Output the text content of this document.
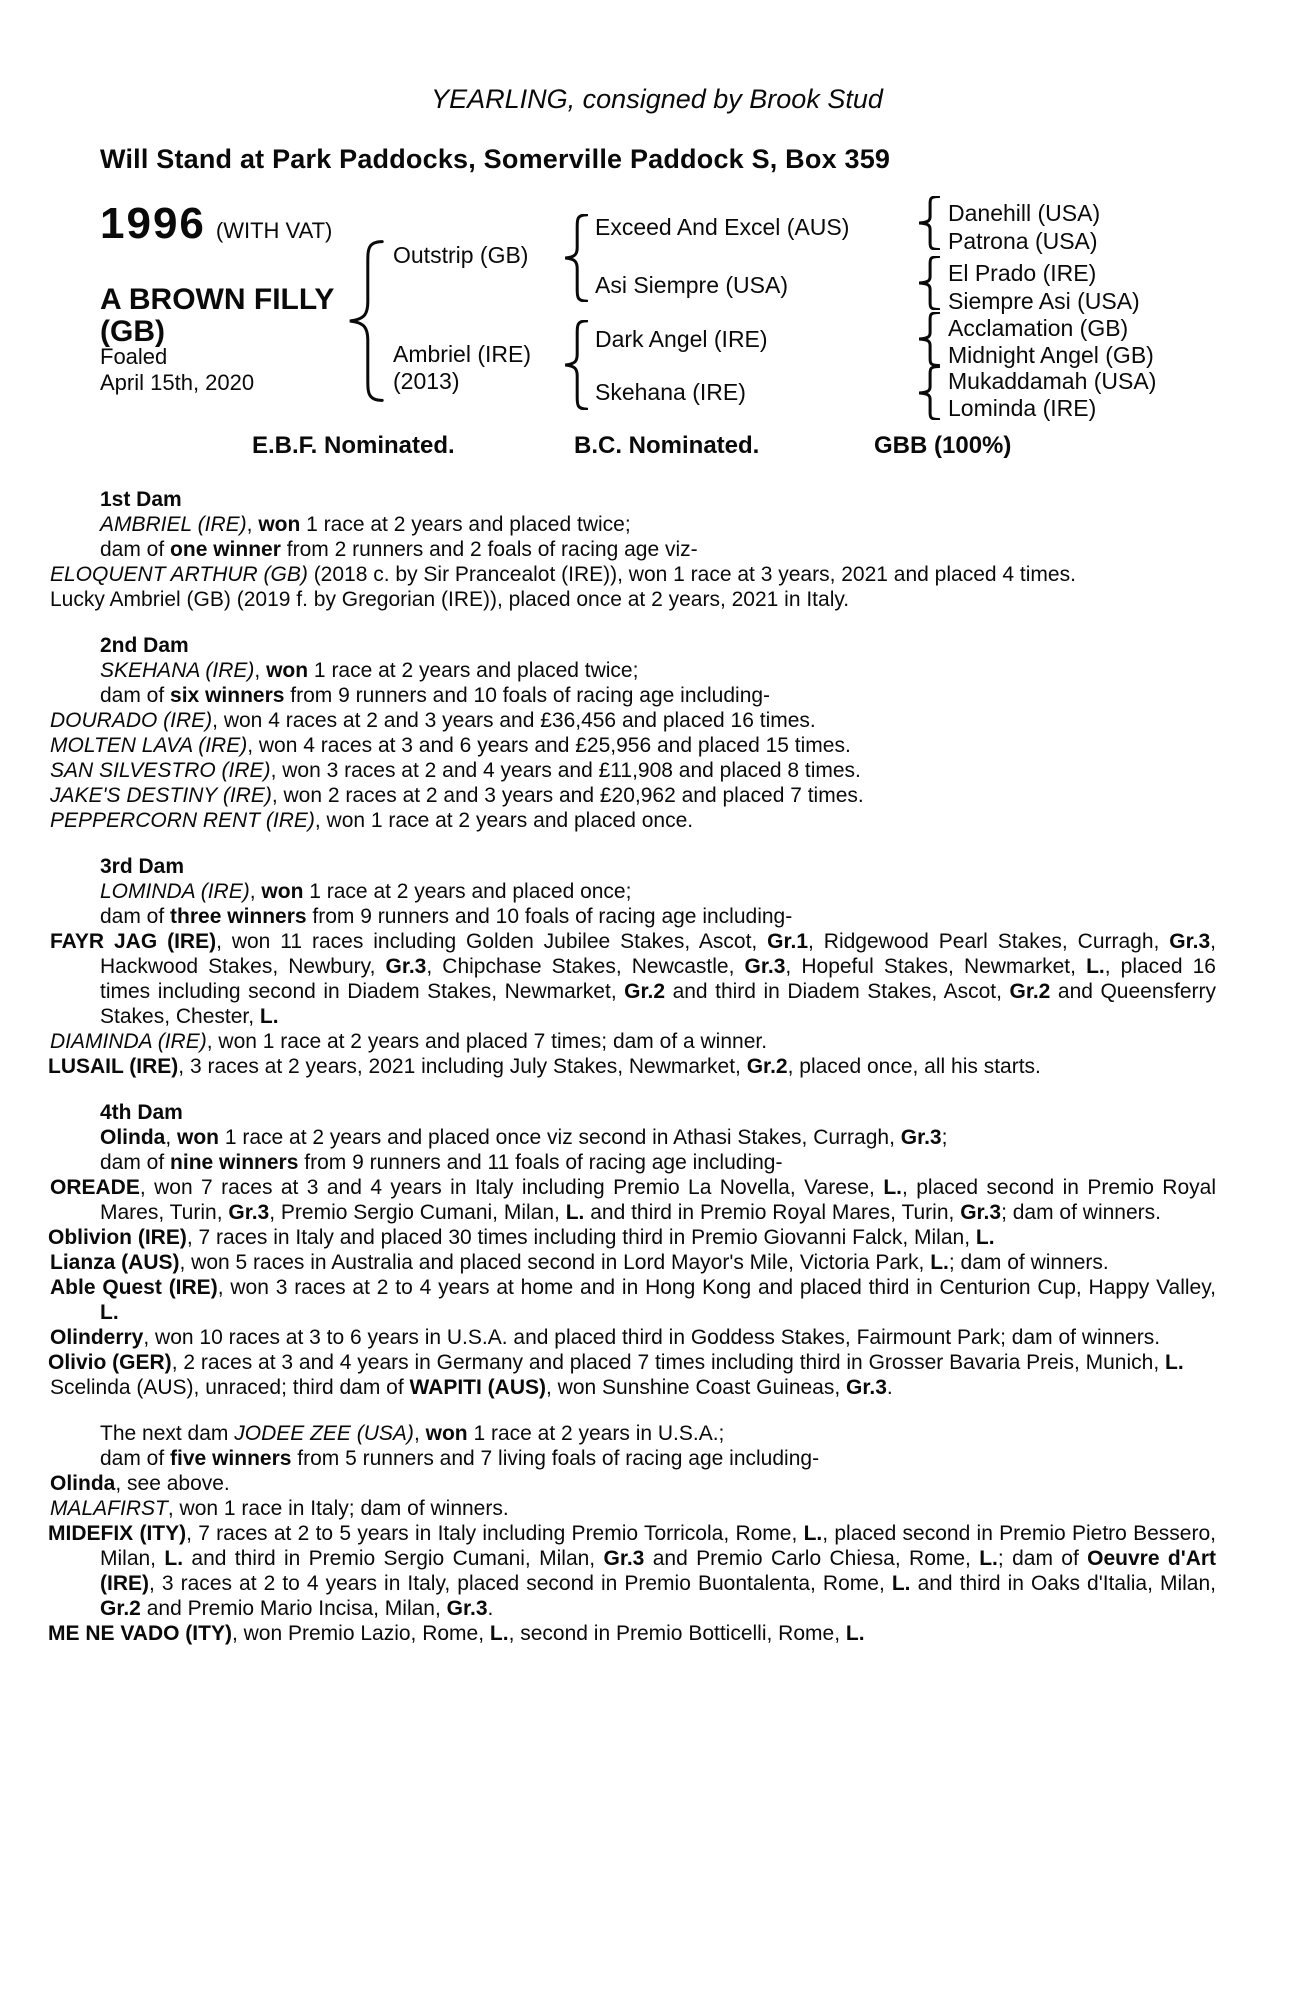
YEARLING, consigned by Brook Stud
Will Stand at Park Paddocks, Somerville Paddock S, Box 359
1996 (WITH VAT)
A BROWN FILLY
(GB)
Foaled
April 15th, 2020
Outstrip (GB)
Ambriel (IRE)
(2013)
Exceed And Excel (AUS)
Asi Siempre (USA)
Dark Angel (IRE)
Skehana (IRE)
Danehill (USA)
Patrona (USA)
El Prado (IRE)
Siempre Asi (USA)
Acclamation (GB)
Midnight Angel (GB)
Mukaddamah (USA)
Lominda (IRE)
E.B.F. Nominated.	B.C. Nominated.	GBB (100%)
1st Dam

AMBRIEL (IRE), won 1 race at 2 years and placed twice;

dam of one winner from 2 runners and 2 foals of racing age viz-

ELOQUENT ARTHUR (GB) (2018 c. by Sir Prancealot (IRE)), won 1 race at 3 years, 2021 and placed 4 times.

Lucky Ambriel (GB) (2019 f. by Gregorian (IRE)), placed once at 2 years, 2021 in Italy.

2nd Dam

SKEHANA (IRE), won 1 race at 2 years and placed twice;

dam of six winners from 9 runners and 10 foals of racing age including-

DOURADO (IRE), won 4 races at 2 and 3 years and £36,456 and placed 16 times.

MOLTEN LAVA (IRE), won 4 races at 3 and 6 years and £25,956 and placed 15 times.

SAN SILVESTRO (IRE), won 3 races at 2 and 4 years and £11,908 and placed 8 times.

JAKE'S DESTINY (IRE), won 2 races at 2 and 3 years and £20,962 and placed 7 times.

PEPPERCORN RENT (IRE), won 1 race at 2 years and placed once.

3rd Dam

LOMINDA (IRE), won 1 race at 2 years and placed once;

dam of three winners from 9 runners and 10 foals of racing age including-

FAYR JAG (IRE), won 11 races including Golden Jubilee Stakes, Ascot, Gr.1, Ridgewood Pearl Stakes, Curragh, Gr.3, Hackwood Stakes, Newbury, Gr.3, Chipchase Stakes, Newcastle, Gr.3, Hopeful Stakes, Newmarket, L., placed 16 times including second in Diadem Stakes, Newmarket, Gr.2 and third in Diadem Stakes, Ascot, Gr.2 and Queensferry Stakes, Chester, L.

DIAMINDA (IRE), won 1 race at 2 years and placed 7 times; dam of a winner.

LUSAIL (IRE), 3 races at 2 years, 2021 including July Stakes, Newmarket, Gr.2, placed once, all his starts.

4th Dam

Olinda, won 1 race at 2 years and placed once viz second in Athasi Stakes, Curragh, Gr.3;

dam of nine winners from 9 runners and 11 foals of racing age including-

OREADE, won 7 races at 3 and 4 years in Italy including Premio La Novella, Varese, L., placed second in Premio Royal Mares, Turin, Gr.3, Premio Sergio Cumani, Milan, L. and third in Premio Royal Mares, Turin, Gr.3; dam of winners.

Oblivion (IRE), 7 races in Italy and placed 30 times including third in Premio Giovanni Falck, Milan, L.

Lianza (AUS), won 5 races in Australia and placed second in Lord Mayor's Mile, Victoria Park, L.; dam of winners.

Able Quest (IRE), won 3 races at 2 to 4 years at home and in Hong Kong and placed third in Centurion Cup, Happy Valley, L.

Olinderry, won 10 races at 3 to 6 years in U.S.A. and placed third in Goddess Stakes, Fairmount Park; dam of winners.

Olivio (GER), 2 races at 3 and 4 years in Germany and placed 7 times including third in Grosser Bavaria Preis, Munich, L.

Scelinda (AUS), unraced; third dam of WAPITI (AUS), won Sunshine Coast Guineas, Gr.3.

The next dam JODEE ZEE (USA), won 1 race at 2 years in U.S.A.;

dam of five winners from 5 runners and 7 living foals of racing age including-

Olinda, see above.

MALAFIRST, won 1 race in Italy; dam of winners.

MIDEFIX (ITY), 7 races at 2 to 5 years in Italy including Premio Torricola, Rome, L., placed second in Premio Pietro Bessero, Milan, L. and third in Premio Sergio Cumani, Milan, Gr.3 and Premio Carlo Chiesa, Rome, L.; dam of Oeuvre d'Art (IRE), 3 races at 2 to 4 years in Italy, placed second in Premio Buontalenta, Rome, L. and third in Oaks d'Italia, Milan, Gr.2 and Premio Mario Incisa, Milan, Gr.3.

ME NE VADO (ITY), won Premio Lazio, Rome, L., second in Premio Botticelli, Rome, L.
